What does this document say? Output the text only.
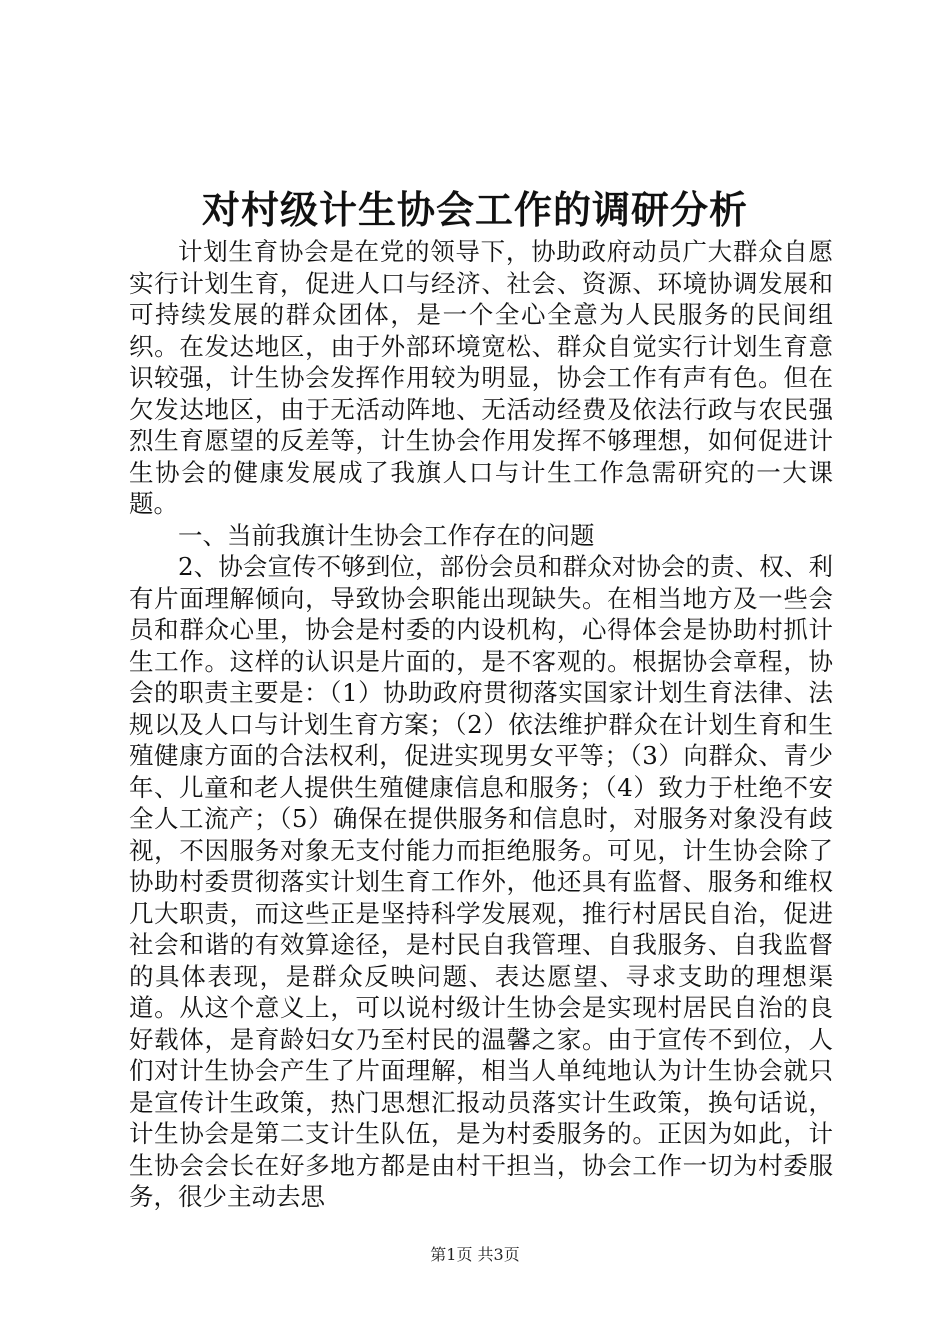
对村级计生协会工作的调研分析

计划生育协会是在党的领导下，协助政府动员广大群众自愿实行计划生育，促进人口与经济、社会、资源、环境协调发展和可持续发展的群众团体，是一个全心全意为人民服务的民间组织。在发达地区，由于外部环境宽松、群众自觉实行计划生育意识较强，计生协会发挥作用较为明显，协会工作有声有色。但在欠发达地区，由于无活动阵地、无活动经费及依法行政与农民强烈生育愿望的反差等，计生协会作用发挥不够理想，如何促进计生协会的健康发展成了我旗人口与计生工作急需研究的一大课题。

一、当前我旗计生协会工作存在的问题

2、协会宣传不够到位，部份会员和群众对协会的责、权、利有片面理解倾向，导致协会职能出现缺失。在相当地方及一些会员和群众心里，协会是村委的内设机构，心得体会是协助村抓计生工作。这样的认识是片面的，是不客观的。根据协会章程，协会的职责主要是：（1）协助政府贯彻落实国家计划生育法律、法规以及人口与计划生育方案；（2）依法维护群众在计划生育和生殖健康方面的合法权利，促进实现男女平等；（3）向群众、青少年、儿童和老人提供生殖健康信息和服务；（4）致力于杜绝不安全人工流产；（5）确保在提供服务和信息时，对服务对象没有歧视，不因服务对象无支付能力而拒绝服务。可见，计生协会除了协助村委贯彻落实计划生育工作外，他还具有监督、服务和维权几大职责，而这些正是坚持科学发展观，推行村居民自治，促进社会和谐的有效算途径，是村民自我管理、自我服务、自我监督的具体表现，是群众反映问题、表达愿望、寻求支助的理想渠道。从这个意义上，可以说村级计生协会是实现村居民自治的良好载体，是育龄妇女乃至村民的温馨之家。由于宣传不到位，人们对计生协会产生了片面理解，相当人单纯地认为计生协会就只是宣传计生政策，热门思想汇报动员落实计生政策，换句话说，计生协会是第二支计生队伍，是为村委服务的。正因为如此，计生协会会长在好多地方都是由村干担当，协会工作一切为村委服务，很少主动去思

第1页 共3页
